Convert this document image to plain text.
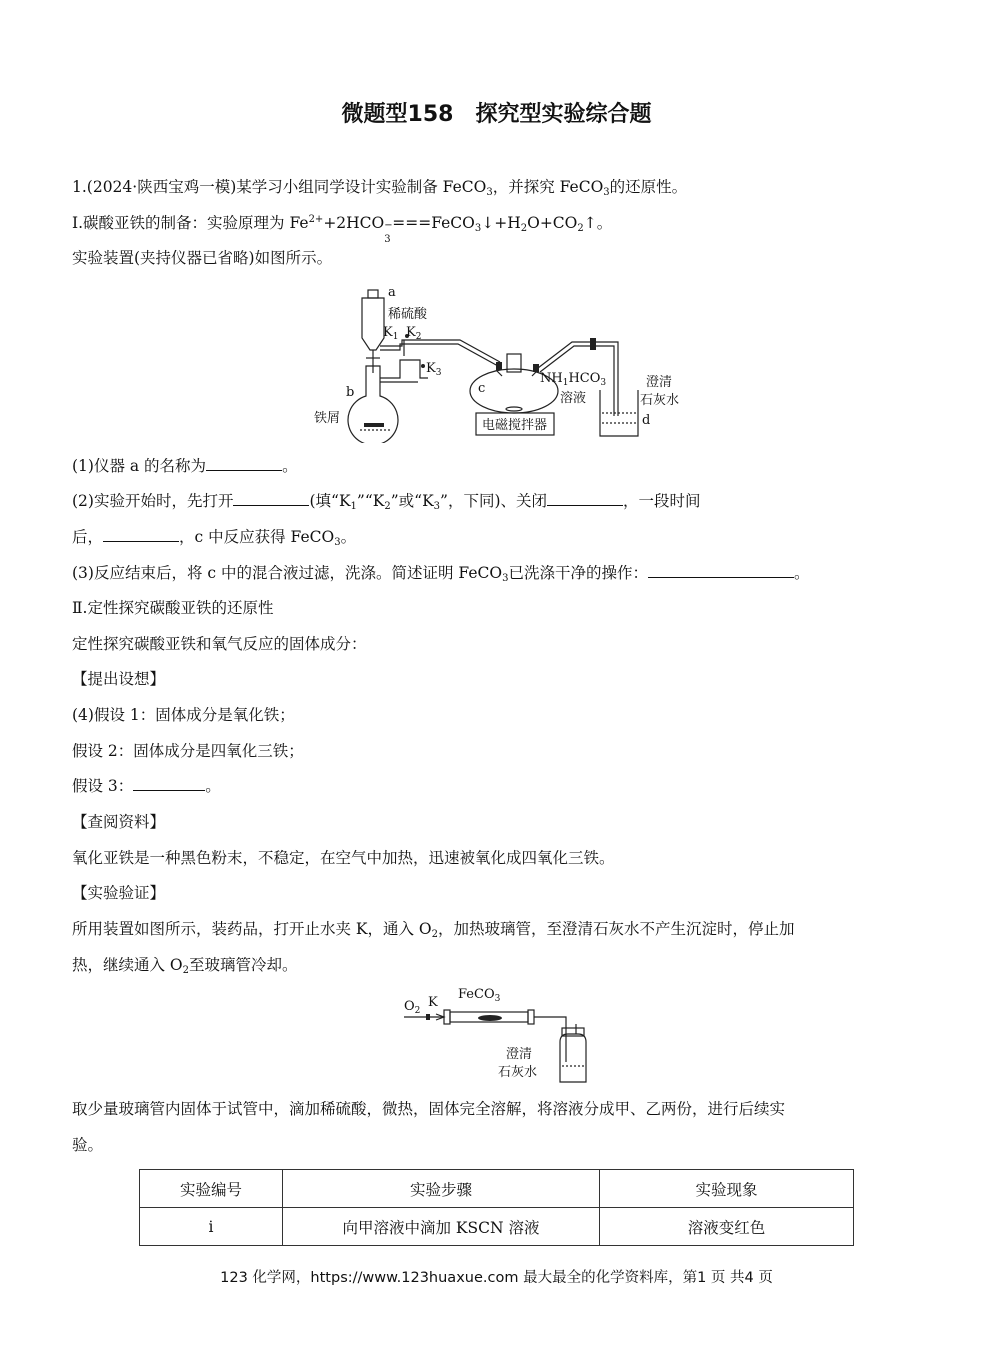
微题型158　探究型实验综合题
1.(2024·陕西宝鸡一模)某学习小组同学设计实验制备 FeCO$_3$，并探究 FeCO$_3$的还原性。
Ⅰ.碳酸亚铁的制备：实验原理为 $Fe^{2+}+2HCO$ −
3
$===FeCO_3↓+H_2O+CO_2↑$。
实验装置(夹持仪器已省略)如图所示。
a
稀硫酸
$K_1$ $K_2$
$K_3$
b
铁屑
c
$NH_1HCO_3$
溶液
电磁搅拌器
澄清
石灰水
d
(1)仪器 a 的名称为	。
(2)实验开始时，先打开	(填“$K_1”“K_2$”或“$K_3$”，下同)、关闭	，一段时间
后，	，c 中反应获得 FeCO$_3$。
(3)反应结束后，将 c 中的混合液过滤，洗涤。简述证明 FeCO$_3$已洗涤干净的操作：	。
Ⅱ.定性探究碳酸亚铁的还原性
定性探究碳酸亚铁和氧气反应的固体成分：
【提出设想】
(4)假设 1：固体成分是氧化铁；
假设 2：固体成分是四氧化三铁；
假设 3：	。
【查阅资料】
氧化亚铁是一种黑色粉末，不稳定，在空气中加热，迅速被氧化成四氧化三铁。
【实验验证】
所用装置如图所示，装药品，打开止水夹 K，通入 $O_2$，加热玻璃管，至澄清石灰水不产生沉淀时，停止加
热，继续通入 $O_2$至玻璃管冷却。
$O_2$
K
FeCO$_3$
澄清
石灰水
取少量玻璃管内固体于试管中，滴加稀硫酸，微热，固体完全溶解，将溶液分成甲、乙两份，进行后续实
验。
实验编号	实验步骤	实验现象
i	向甲溶液中滴加 KSCN 溶液	溶液变红色
123 化学网，https://www.123huaxue.com 最大最全的化学资料库，第1 页 共4 页
